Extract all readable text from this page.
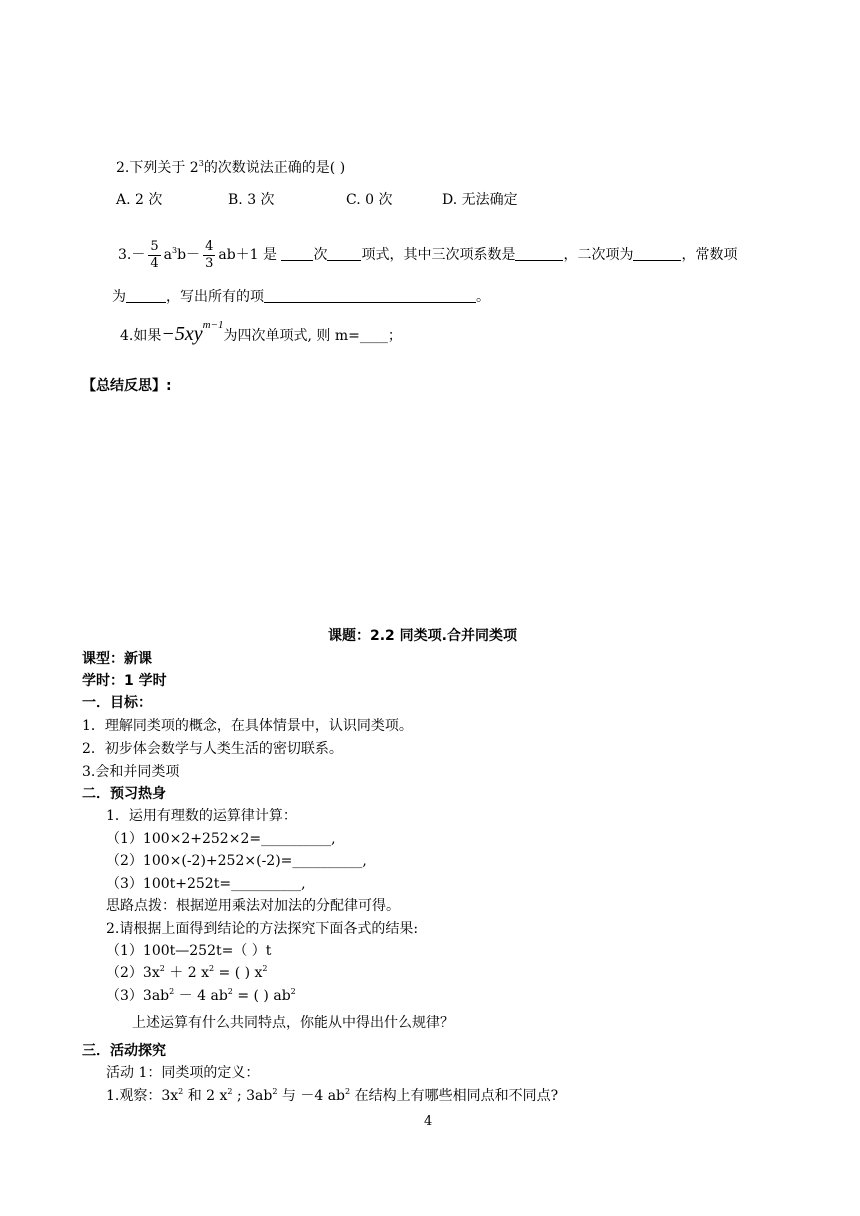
2.下列关于 $2^3$的次数说法正确的是( )
A. 2 次	B. 3 次	C. 0 次	D. 无法确定
$3.- \frac{5}{4} a^3b- \frac{4}{3} ab+1$ 是	次 项式，其中三次项系数是	，二次项为	，常数项
为	，写出所有的项	。
4.如果$-5xy^{m-1}$为四次单项式, 则 m=____；
【总结反思】:
课题：2.2 同类项.合并同类项
课型：新课
学时：1 学时
一．目标：
1．理解同类项的概念，在具体情景中，认识同类项。
2．初步体会数学与人类生活的密切联系。
3.会和并同类项
二．预习热身
1．运用有理数的运算律计算：
（1）100×2+252×2=__________,
（2）100×(-2)+252×(-2)=__________,
（3）100t+252t=__________,
思路点拨：根据逆用乘法对加法的分配律可得。
2.请根据上面得到结论的方法探究下面各式的结果:
（1）100t—252t=（ ）t
$(2)3x^2 + 2$ $x^2$ = ( ) $x^2$
$(3)3ab^2 - 4$ $ab^2$ = ( ) $ab^2$
上述运算有什么共同特点，你能从中得出什么规律？
三．活动探究
活动 1：同类项的定义：
1.观察：$3x^2$ 和 2 $x^2$ ; $3ab^2$ 与 －4 $ab^2$ 在结构上有哪些相同点和不同点?
4
